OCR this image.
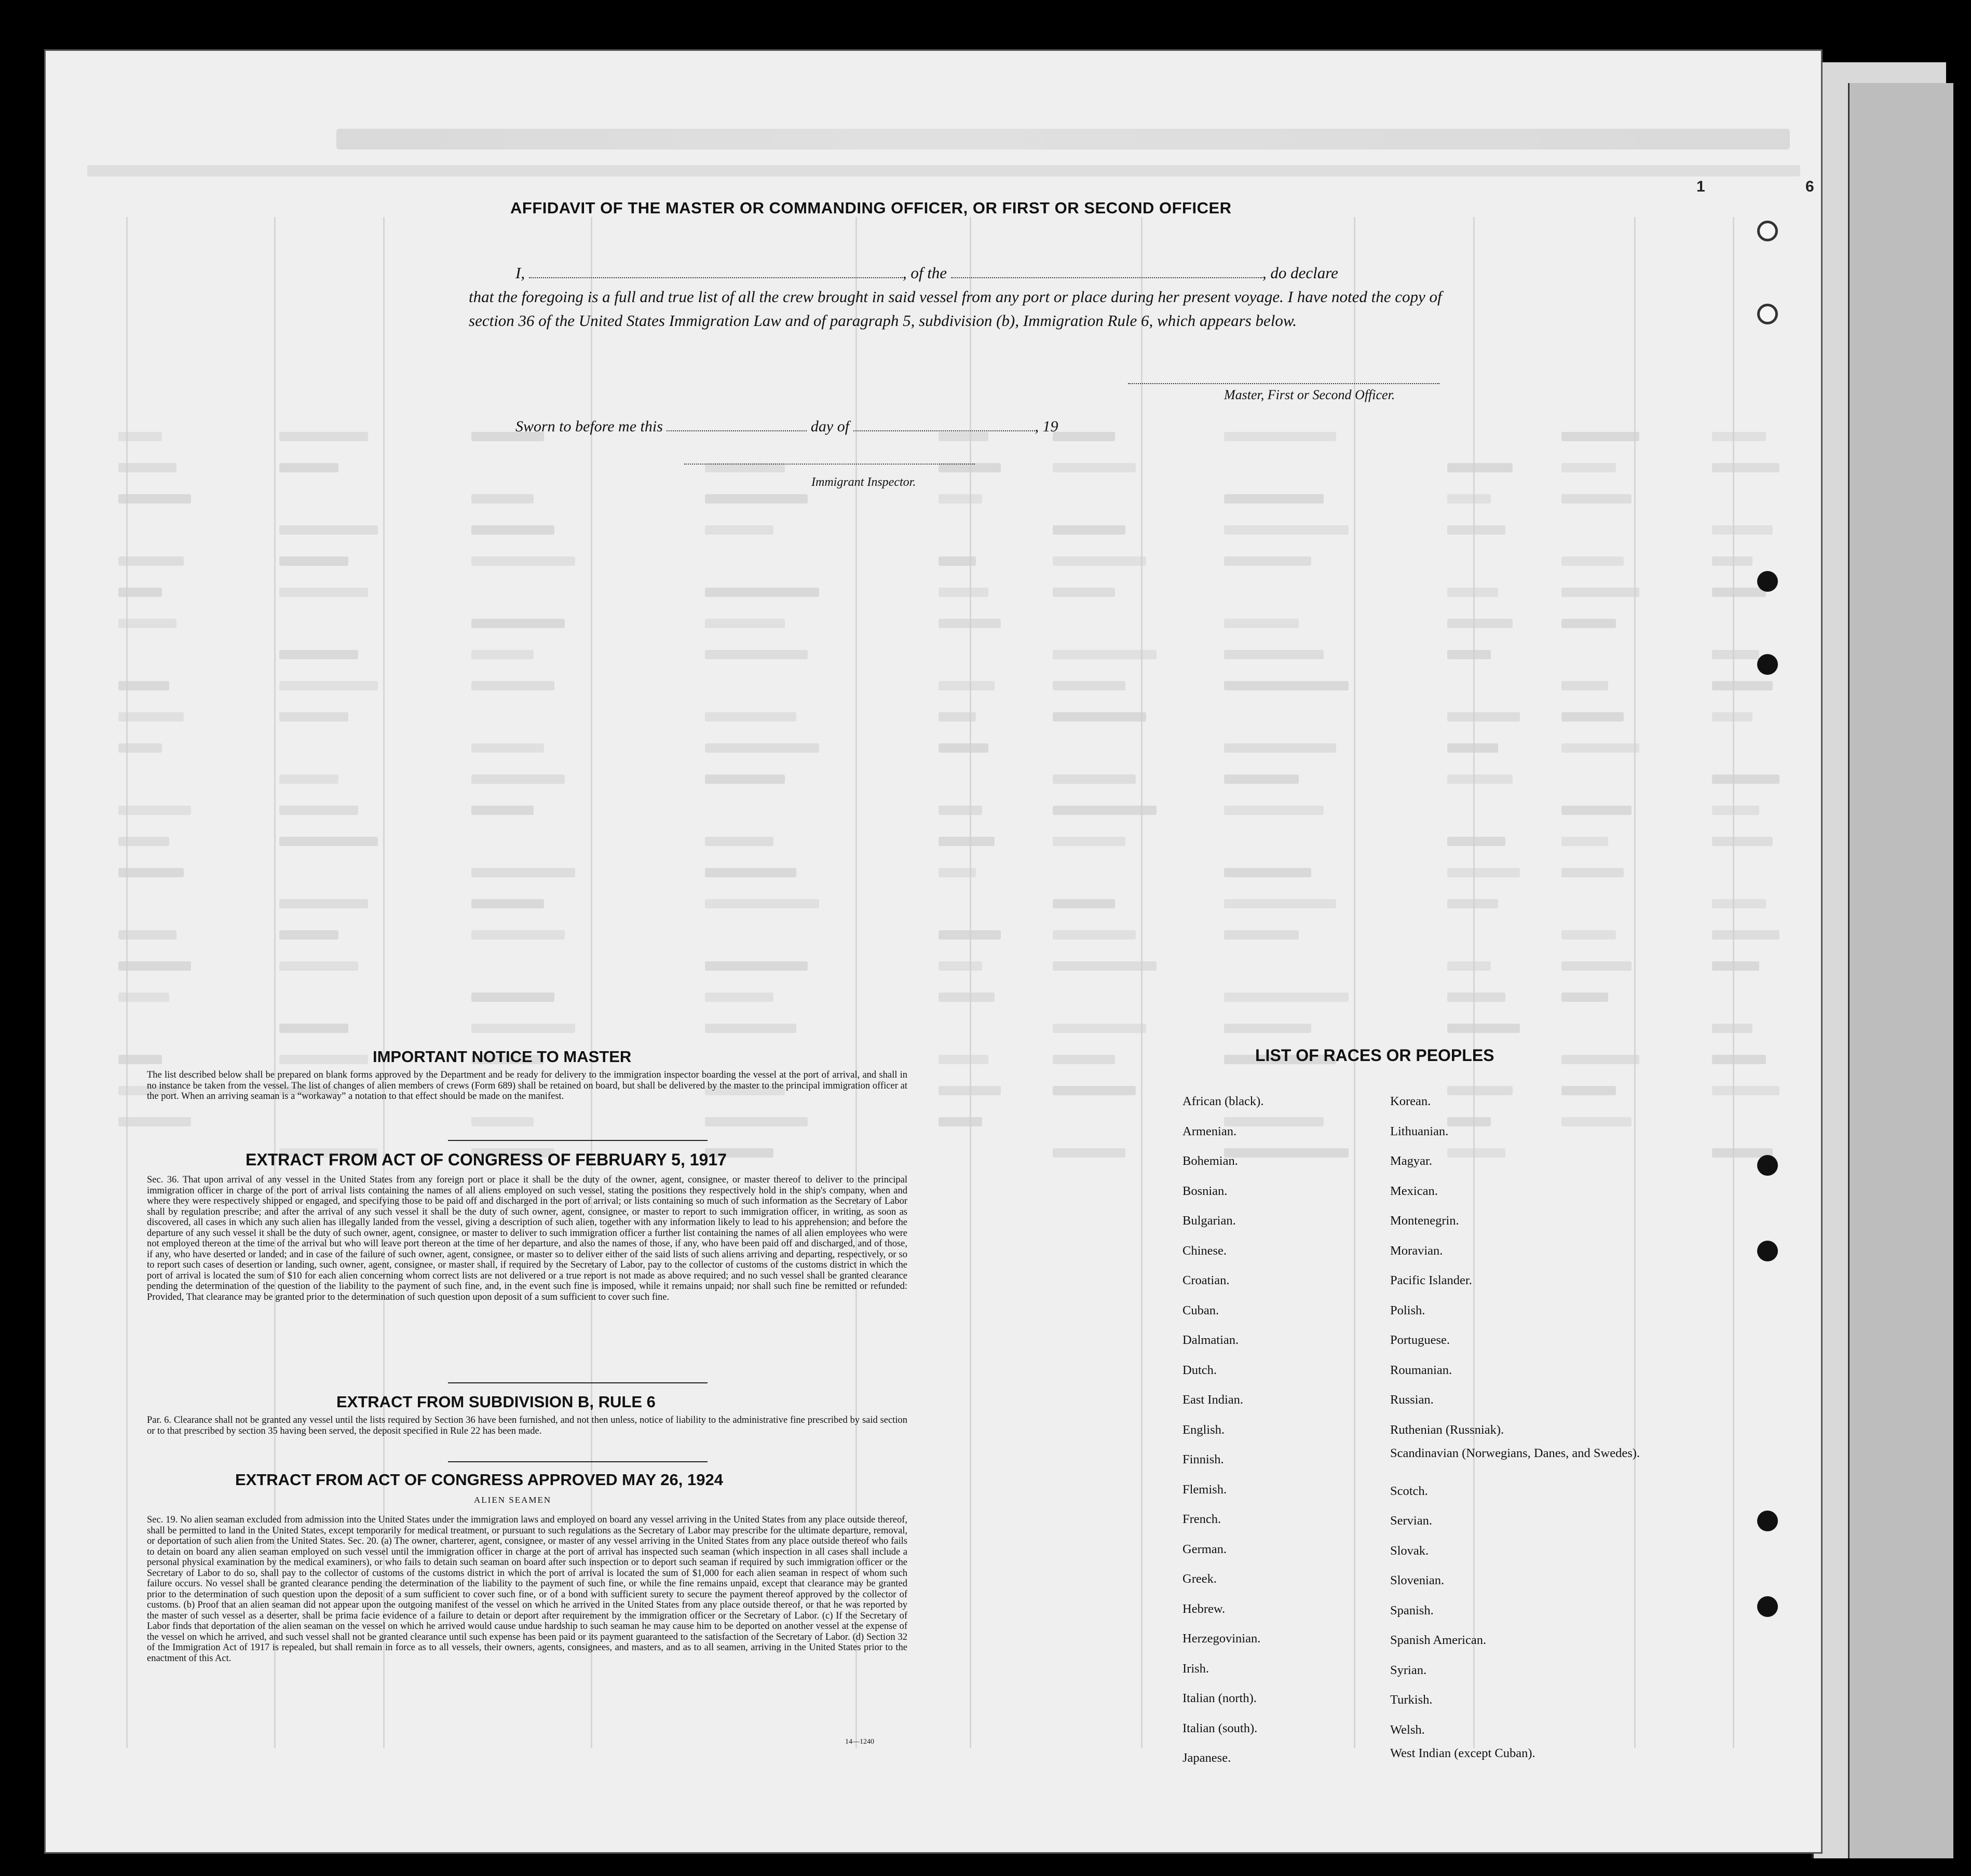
1	6
AFFIDAVIT OF THE MASTER OR COMMANDING OFFICER, OR FIRST OR SECOND OFFICER
I,	, of the	, do declare
that the foregoing is a full and true list of all the crew brought in said vessel from any port or place during her present voyage. I have noted the copy of section 36 of the United States Immigration Law and of paragraph 5, subdivision (b), Immigration Rule 6, which appears below.
Master, First or Second Officer.
Sworn to before me this	day of	, 19
Immigrant Inspector.
IMPORTANT NOTICE TO MASTER
The list described below shall be prepared on blank forms approved by the Department and be ready for delivery to the immigration inspector boarding the vessel at the port of arrival, and shall in no instance be taken from the vessel. The list of changes of alien members of crews (Form 689) shall be retained on board, but shall be delivered by the master to the principal immigration officer at the port. When an arriving seaman is a “workaway” a notation to that effect should be made on the manifest.
EXTRACT FROM ACT OF CONGRESS OF FEBRUARY 5, 1917
Sec. 36. That upon arrival of any vessel in the United States from any foreign port or place it shall be the duty of the owner, agent, consignee, or master thereof to deliver to the principal immigration officer in charge of the port of arrival lists containing the names of all aliens employed on such vessel, stating the positions they respectively hold in the ship's company, when and where they were respectively shipped or engaged, and specifying those to be paid off and discharged in the port of arrival; or lists containing so much of such information as the Secretary of Labor shall by regulation prescribe; and after the arrival of any such vessel it shall be the duty of such owner, agent, consignee, or master to report to such immigration officer, in writing, as soon as discovered, all cases in which any such alien has illegally landed from the vessel, giving a description of such alien, together with any information likely to lead to his apprehension; and before the departure of any such vessel it shall be the duty of such owner, agent, consignee, or master to deliver to such immigration officer a further list containing the names of all alien employees who were not employed thereon at the time of the arrival but who will leave port thereon at the time of her departure, and also the names of those, if any, who have been paid off and discharged, and of those, if any, who have deserted or landed; and in case of the failure of such owner, agent, consignee, or master so to deliver either of the said lists of such aliens arriving and departing, respectively, or so to report such cases of desertion or landing, such owner, agent, consignee, or master shall, if required by the Secretary of Labor, pay to the collector of customs of the customs district in which the port of arrival is located the sum of $10 for each alien concerning whom correct lists are not delivered or a true report is not made as above required; and no such vessel shall be granted clearance pending the determination of the question of the liability to the payment of such fine, and, in the event such fine is imposed, while it remains unpaid; nor shall such fine be remitted or refunded: Provided, That clearance may be granted prior to the determination of such question upon deposit of a sum sufficient to cover such fine.
EXTRACT FROM SUBDIVISION B, RULE 6
Par. 6. Clearance shall not be granted any vessel until the lists required by Section 36 have been furnished, and not then unless, notice of liability to the administrative fine prescribed by said section or to that prescribed by section 35 having been served, the deposit specified in Rule 22 has been made.
EXTRACT FROM ACT OF CONGRESS APPROVED MAY 26, 1924
ALIEN SEAMEN
Sec. 19. No alien seaman excluded from admission into the United States under the immigration laws and employed on board any vessel arriving in the United States from any place outside thereof, shall be permitted to land in the United States, except temporarily for medical treatment, or pursuant to such regulations as the Secretary of Labor may prescribe for the ultimate departure, removal, or deportation of such alien from the United States. Sec. 20. (a) The owner, charterer, agent, consignee, or master of any vessel arriving in the United States from any place outside thereof who fails to detain on board any alien seaman employed on such vessel until the immigration officer in charge at the port of arrival has inspected such seaman (which inspection in all cases shall include a personal physical examination by the medical examiners), or who fails to detain such seaman on board after such inspection or to deport such seaman if required by such immigration officer or the Secretary of Labor to do so, shall pay to the collector of customs of the customs district in which the port of arrival is located the sum of $1,000 for each alien seaman in respect of whom such failure occurs. No vessel shall be granted clearance pending the determination of the liability to the payment of such fine, or while the fine remains unpaid, except that clearance may be granted prior to the determination of such question upon the deposit of a sum sufficient to cover such fine, or of a bond with sufficient surety to secure the payment thereof approved by the collector of customs. (b) Proof that an alien seaman did not appear upon the outgoing manifest of the vessel on which he arrived in the United States from any place outside thereof, or that he was reported by the master of such vessel as a deserter, shall be prima facie evidence of a failure to detain or deport after requirement by the immigration officer or the Secretary of Labor. (c) If the Secretary of Labor finds that deportation of the alien seaman on the vessel on which he arrived would cause undue hardship to such seaman he may cause him to be deported on another vessel at the expense of the vessel on which he arrived, and such vessel shall not be granted clearance until such expense has been paid or its payment guaranteed to the satisfaction of the Secretary of Labor. (d) Section 32 of the Immigration Act of 1917 is repealed, but shall remain in force as to all vessels, their owners, agents, consignees, and masters, and as to all seamen, arriving in the United States prior to the enactment of this Act.
14—1240
LIST OF RACES OR PEOPLES
African (black).
Armenian.
Bohemian.
Bosnian.
Bulgarian.
Chinese.
Croatian.
Cuban.
Dalmatian.
Dutch.
East Indian.
English.
Finnish.
Flemish.
French.
German.
Greek.
Hebrew.
Herzegovinian.
Irish.
Italian (north).
Italian (south).
Japanese.
Korean.
Lithuanian.
Magyar.
Mexican.
Montenegrin.
Moravian.
Pacific Islander.
Polish.
Portuguese.
Roumanian.
Russian.
Ruthenian (Russniak).
Scandinavian (Norwegians, Danes, and Swedes).
Scotch.
Servian.
Slovak.
Slovenian.
Spanish.
Spanish American.
Syrian.
Turkish.
Welsh.
West Indian (except Cuban).
